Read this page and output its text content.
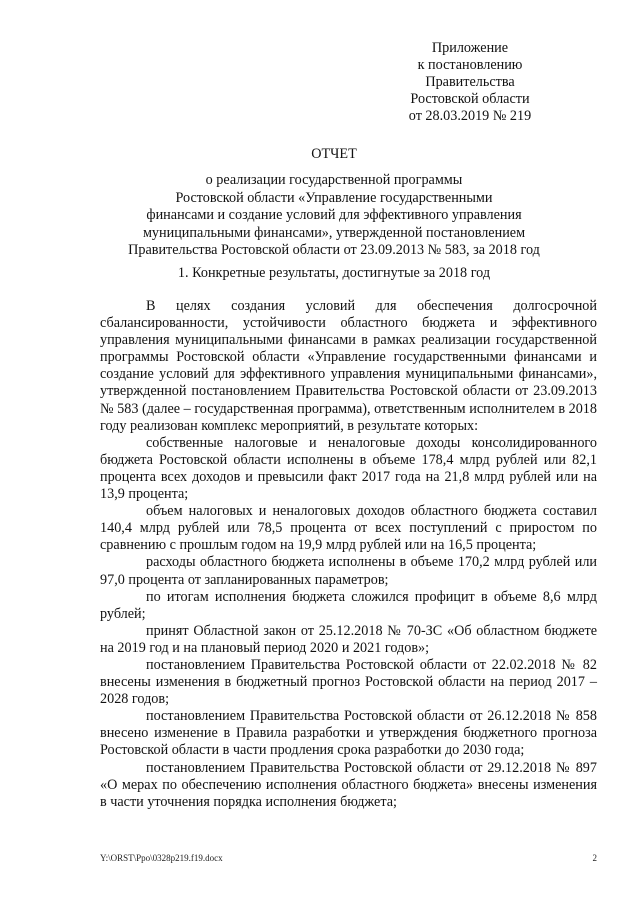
Приложение
к постановлению
Правительства
Ростовской области
от 28.03.2019 № 219
ОТЧЕТ
о реализации государственной программы
Ростовской области «Управление государственными
финансами и создание условий для эффективного управления
муниципальными финансами», утвержденной постановлением
Правительства Ростовской области от 23.09.2013 № 583, за 2018 год
1. Конкретные результаты, достигнутые за 2018 год

В целях создания условий для обеспечения долгосрочной сбалансированности, устойчивости областного бюджета и эффективного управления муниципальными финансами в рамках реализации государственной программы Ростовской области «Управление государственными финансами и создание условий для эффективного управления муниципальными финансами», утвержденной постановлением Правительства Ростовской области от 23.09.2013 № 583 (далее – государственная программа), ответственным исполнителем в 2018 году реализован комплекс мероприятий, в результате которых:

собственные налоговые и неналоговые доходы консолидированного бюджета Ростовской области исполнены в объеме 178,4 млрд рублей или 82,1 процента всех доходов и превысили факт 2017 года на 21,8 млрд рублей или на 13,9 процента;

объем налоговых и неналоговых доходов областного бюджета составил 140,4 млрд рублей или 78,5 процента от всех поступлений с приростом по сравнению с прошлым годом на 19,9 млрд рублей или на 16,5 процента;

расходы областного бюджета исполнены в объеме 170,2 млрд рублей или 97,0 процента от запланированных параметров;

по итогам исполнения бюджета сложился профицит в объеме 8,6 млрд рублей;

принят Областной закон от 25.12.2018 № 70-ЗС «Об областном бюджете на 2019 год и на плановый период 2020 и 2021 годов»;

постановлением Правительства Ростовской области от 22.02.2018 № 82 внесены изменения в бюджетный прогноз Ростовской области на период 2017 – 2028 годов;

постановлением Правительства Ростовской области от 26.12.2018 № 858 внесено изменение в Правила разработки и утверждения бюджетного прогноза Ростовской области в части продления срока разработки до 2030 года;

постановлением Правительства Ростовской области от 29.12.2018 № 897 «О мерах по обеспечению исполнения областного бюджета» внесены изменения в части уточнения порядка исполнения бюджета;

Y:\ORST\Ppo\0328p219.f19.docx	2
